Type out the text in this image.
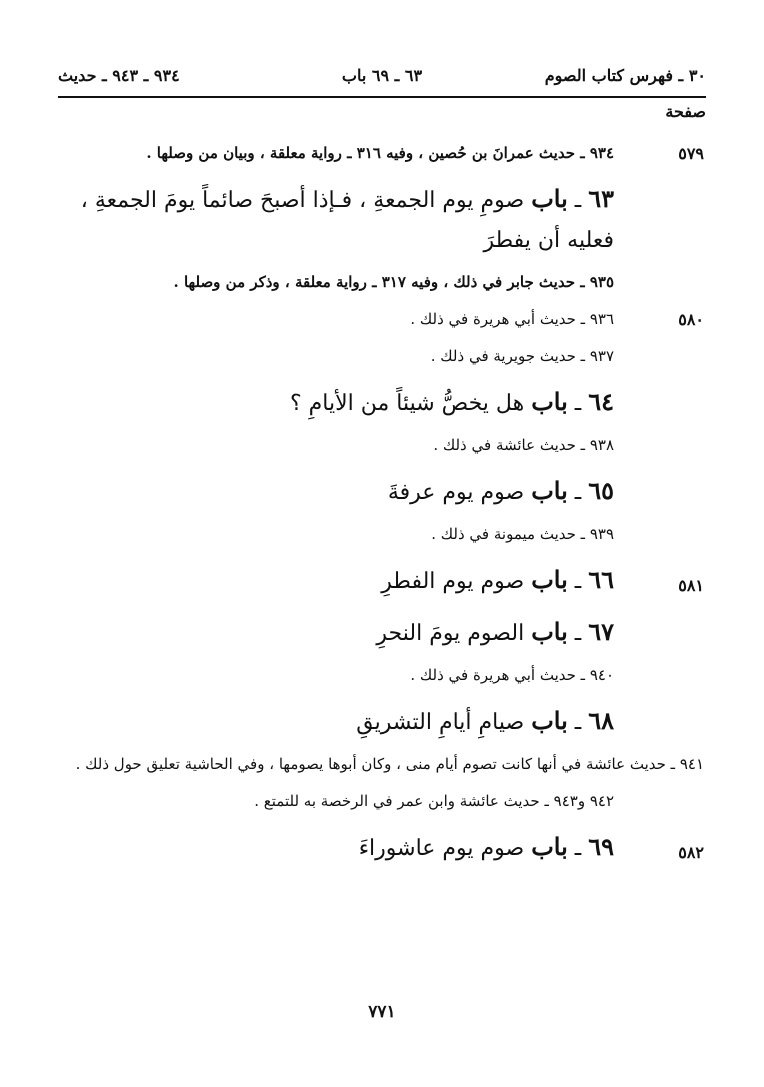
٣٠ ـ فهرس كتاب الصوم
٦٣ ـ ٦٩ باب
٩٣٤ ـ ٩٤٣ ـ حديث
صفحة
٥٧٩
٩٣٤ ـ حديث عمرانَ بن حُصين ، وفيه ٣١٦ ـ رواية معلقة ، وبيان من وصلها .
٦٣ ـ باب صومِ يوم الجمعةِ ، فـإذا أصبحَ صائماً يومَ الجمعةِ ، فعليه أن يفطرَ
٩٣٥ ـ حديث جابر في ذلك ، وفيه ٣١٧ ـ رواية معلقة ، وذكر من وصلها .
٥٨٠
٩٣٦ ـ حديث أبي هريرة في ذلك .
٩٣٧ ـ حديث جويرية في ذلك .
٦٤ ـ باب هل يخصُّ شيئاً من الأيامِ ؟
٩٣٨ ـ حديث عائشة في ذلك .
٦٥ ـ باب صوم يوم عرفةَ
٩٣٩ ـ حديث ميمونة في ذلك .
٥٨١
٦٦ ـ باب صوم يوم الفطرِ
٦٧ ـ باب الصوم يومَ النحرِ
٩٤٠ ـ حديث أبي هريرة في ذلك .
٦٨ ـ باب صيامِ أيامِ التشريقِ
٩٤١ ـ حديث عائشة في أنها كانت تصوم أيام منى ، وكان أبوها يصومها ، وفي الحاشية تعليق حول ذلك .
٩٤٢ و٩٤٣ ـ حديث عائشة وابن عمر في الرخصة به للتمتع .
٥٨٢
٦٩ ـ باب صوم يوم عاشوراءَ
٧٧١
